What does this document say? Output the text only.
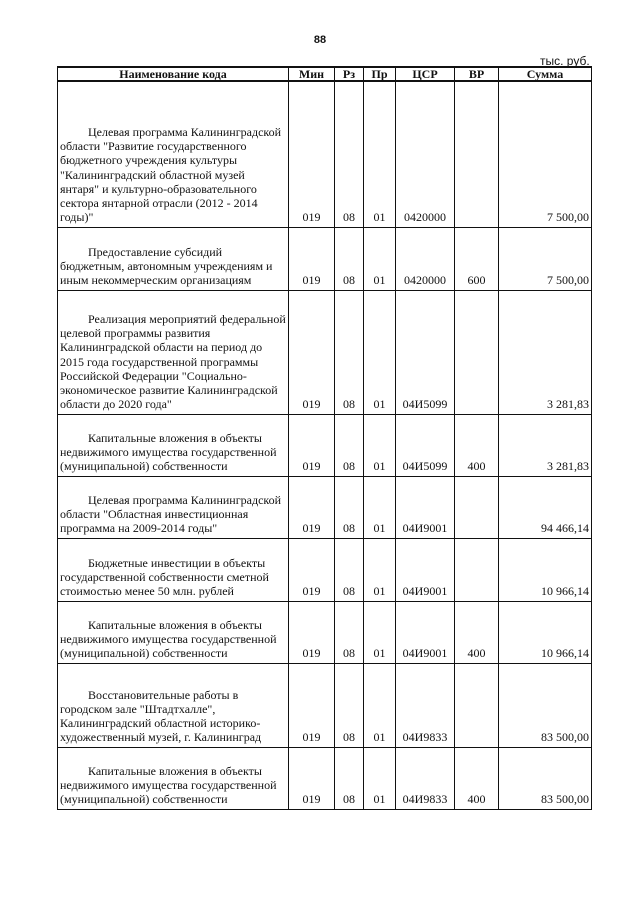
88
тыс. руб.
Наименование кода	Мин	Рз	Пр	ЦСР	ВР	Сумма

Целевая программа Калининградской области "Развитие государственного бюджетного учреждения культуры "Калининградский областной музей янтаря" и культурно-образовательного сектора янтарной отрасли (2012 - 2014 годы)"	019	08	01	0420000		7 500,00

Предоставление субсидий бюджетным, автономным учреждениям и иным некоммерческим организациям	019	08	01	0420000	600	7 500,00

Реализация мероприятий федеральной целевой программы развития Калининградской области на период до 2015 года государственной программы Российской Федерации "Социально-экономическое развитие Калининградской области до 2020 года"	019	08	01	04И5099		3 281,83

Капитальные вложения в объекты недвижимого имущества государственной (муниципальной) собственности	019	08	01	04И5099	400	3 281,83

Целевая программа Калининградской области "Областная инвестиционная программа на 2009-2014 годы"	019	08	01	04И9001		94 466,14

Бюджетные инвестиции в объекты государственной собственности сметной стоимостью менее 50 млн. рублей	019	08	01	04И9001		10 966,14

Капитальные вложения в объекты недвижимого имущества государственной (муниципальной) собственности	019	08	01	04И9001	400	10 966,14

Восстановительные работы в городском зале "Штадтхалле", Калининградский областной историко-художественный музей, г. Калининград	019	08	01	04И9833		83 500,00

Капитальные вложения в объекты недвижимого имущества государственной (муниципальной) собственности	019	08	01	04И9833	400	83 500,00
